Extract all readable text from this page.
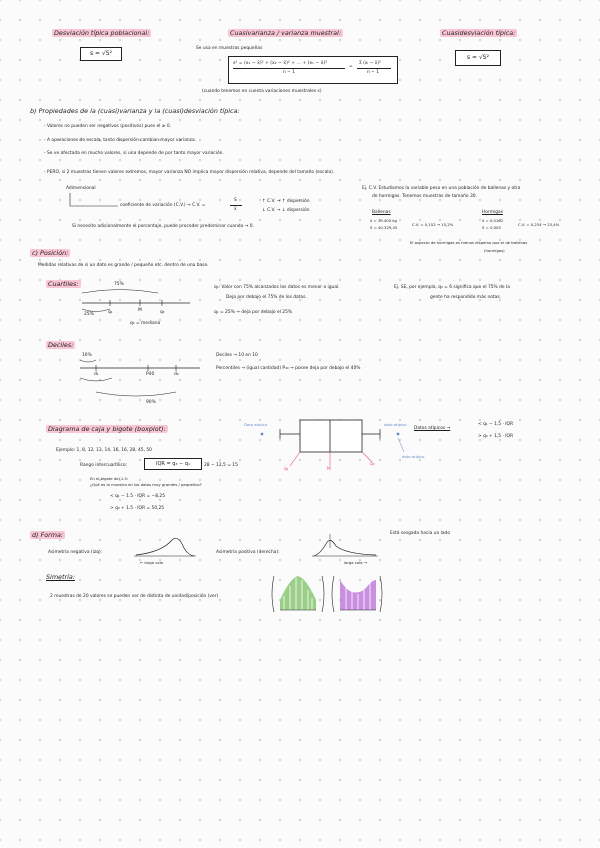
Desviación típica poblacional:
s = √S²
Cuasivarianza / varianza muestral:
Se usa en muestras pequeñas
s² = (x₁ − x̄)² + (x₂ − x̄)² + ... + (xₙ − x̄)²
n − 1
=
Σ (xᵢ − x̄)²
n − 1
(cuando tenemos en cuenta variaciones muestrales s)
Cuasidesviación típica:
s = √S²
b) Propiedades de la (cuasi)varianza y la (cuasi)desviación típica:
- Valores no pueden ser negativos (positivos) pues el ≥ 0.
- A operaciones de escala, tanto dispersión cambian mayor varianza.
- Se ve afectada en mucho valores, si una depende de por tanto mayor variación.
- PERO, si 2 muestras tienen valores extremos, mayor varianza NO implica mayor dispersión relativa, depende del tamaño (escala).
Adimensional
coeficiente de variación (C.V.) → C.V. =
S
x̄
↑ C.V. → ↑ dispersión
↓ C.V. → ↓ dispersión
Si necesito adicionalmente el porcentaje, puede proceder predominar cuando → 0.
Ej. C.V. Estudiamos la variable peso en una población de ballenas y otra
de hormigas. Tenemos muestras de tamaño 30.
Ballenas
x̄ = 19.400 kg
S = 40.329,45
C.V. = 0,152 → 15,2%
Hormigas
x̄ = 0,0162
S = 0,005
C.V. = 0,234 → 23,4%
El aspecto de hormigas es menos disperso que el de ballenas
(hormigas)
c) Posición:
Medidas relativas de si un dato es grande / pequeño etc. dentro de una base.
Cuartiles:	75%
25%	q₁	M	q₃
q₂ = mediana
q₃: Valor con 75% alcanzados los datos es menor o igual.
Deja por debajo el 75% de los datos.
q₁ = 25% → deja por debajo el 25%
Ej. SE, por ejemplo, q₃ = 6 significa que el 75% de la
gente ha respondido más notas.
Deciles:
10%
d₁	P40	d₉
90%
Deciles → 10 en 10
Percentiles → (igual cantidad) P₄₀ → posee deja por debajo el 40%
Diagrama de caja y bigote (boxplot):
Ejemplo: 1, 8, 12, 13, 14, 16, 16, 28, 45, 50
Rango intercuartílico:	IQR = q₃ − q₁	28 − 12,5 = 15
En el bigote del 1.5:
¿Qué es la muestra en los datos muy grandes / pequeños?
< q₁ − 1.5 · IQR = −8,25
> q₃ + 1.5 · IQR = 50,25
Dato atípico	dato atípico
q₁	M
q₃
dato atípico
Datos atípicos →
< q₁ − 1,5 · IQR
> q₃ + 1,5 · IQR
d) Forma:
Asimetría negativa (izq):	Asimetría positiva (derecha):
Está sesgada hacia un lado
← larga cola	larga cola →
Simetría:
2 muestras de 20 valores se pueden ver de distinta de unidad/posición (ver)
